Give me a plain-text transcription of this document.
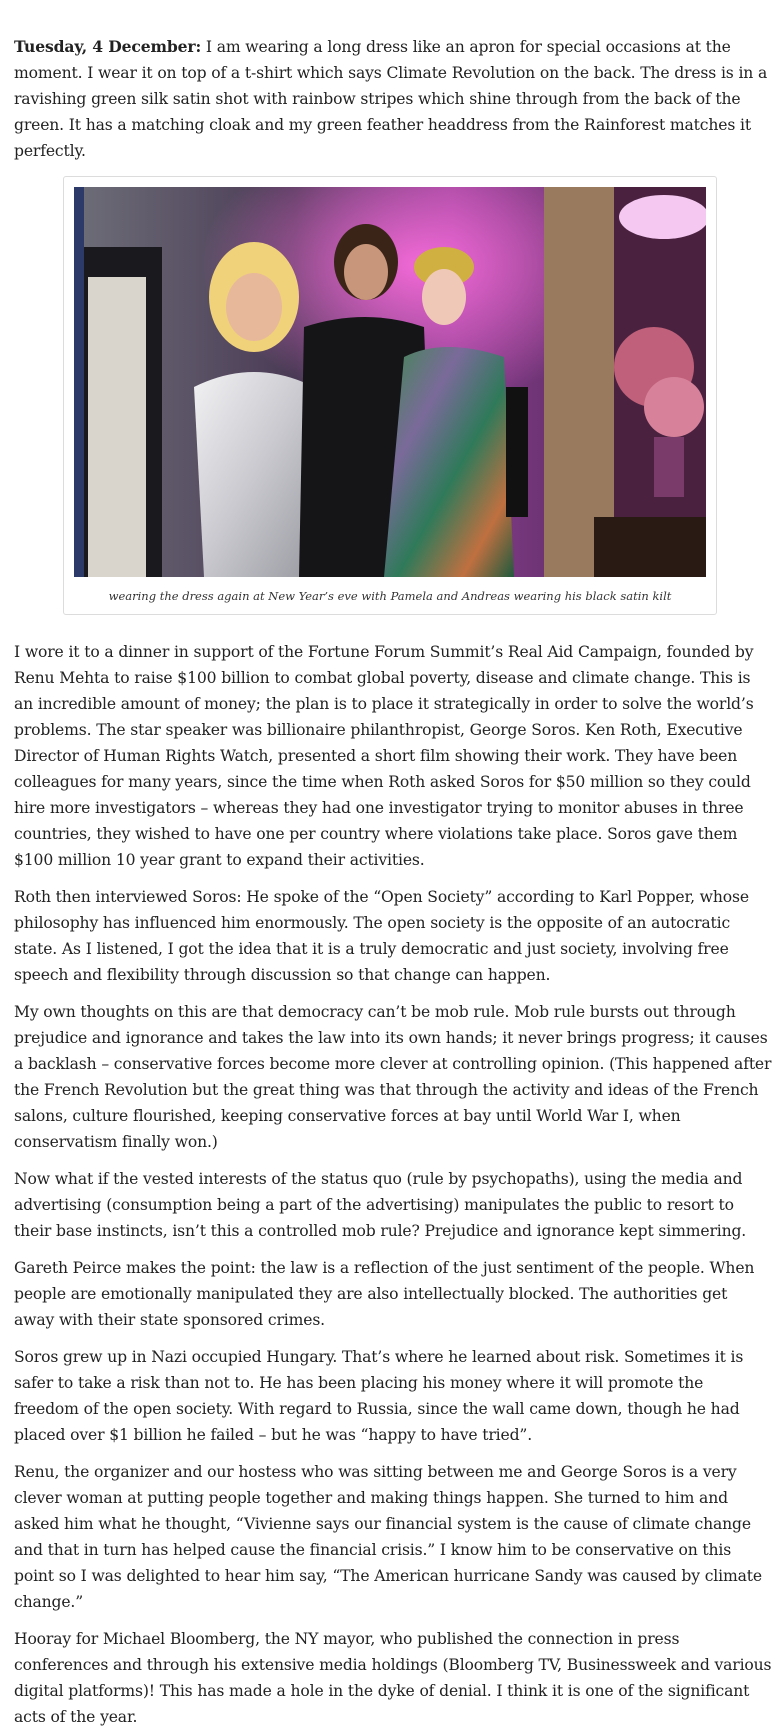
Tuesday, 4 December: I am wearing a long dress like an apron for special occasions at the moment. I wear it on top of a t-shirt which says Climate Revolution on the back. The dress is in a ravishing green silk satin shot with rainbow stripes which shine through from the back of the green. It has a matching cloak and my green feather headdress from the Rainforest matches it perfectly.

wearing the dress again at New Year’s eve with Pamela and Andreas wearing his black satin kilt

I wore it to a dinner in support of the Fortune Forum Summit’s Real Aid Campaign, founded by Renu Mehta to raise $100 billion to combat global poverty, disease and climate change. This is an incredible amount of money; the plan is to place it strategically in order to solve the world’s problems. The star speaker was billionaire philanthropist, George Soros. Ken Roth, Executive Director of Human Rights Watch, presented a short film showing their work. They have been colleagues for many years, since the time when Roth asked Soros for $50 million so they could hire more investigators – whereas they had one investigator trying to monitor abuses in three countries, they wished to have one per country where violations take place. Soros gave them $100 million 10 year grant to expand their activities.

Roth then interviewed Soros: He spoke of the “Open Society” according to Karl Popper, whose philosophy has influenced him enormously. The open society is the opposite of an autocratic state. As I listened, I got the idea that it is a truly democratic and just society, involving free speech and flexibility through discussion so that change can happen.

My own thoughts on this are that democracy can’t be mob rule. Mob rule bursts out through prejudice and ignorance and takes the law into its own hands; it never brings progress; it causes a backlash – conservative forces become more clever at controlling opinion. (This happened after the French Revolution but the great thing was that through the activity and ideas of the French salons, culture flourished, keeping conservative forces at bay until World War I, when conservatism finally won.)

Now what if the vested interests of the status quo (rule by psychopaths), using the media and advertising (consumption being a part of the advertising) manipulates the public to resort to their base instincts, isn’t this a controlled mob rule? Prejudice and ignorance kept simmering.

Gareth Peirce makes the point: the law is a reflection of the just sentiment of the people. When people are emotionally manipulated they are also intellectually blocked. The authorities get away with their state sponsored crimes.

Soros grew up in Nazi occupied Hungary. That’s where he learned about risk. Sometimes it is safer to take a risk than not to. He has been placing his money where it will promote the freedom of the open society. With regard to Russia, since the wall came down, though he had placed over $1 billion he failed – but he was “happy to have tried”.

Renu, the organizer and our hostess who was sitting between me and George Soros is a very clever woman at putting people together and making things happen. She turned to him and asked him what he thought, “Vivienne says our financial system is the cause of climate change and that in turn has helped cause the financial crisis.” I know him to be conservative on this point so I was delighted to hear him say, “The American hurricane Sandy was caused by climate change.”

Hooray for Michael Bloomberg, the NY mayor, who published the connection in press conferences and through his extensive media holdings (Bloomberg TV, Businessweek and various digital platforms)! This has made a hole in the dyke of denial. I think it is one of the significant acts of the year.
